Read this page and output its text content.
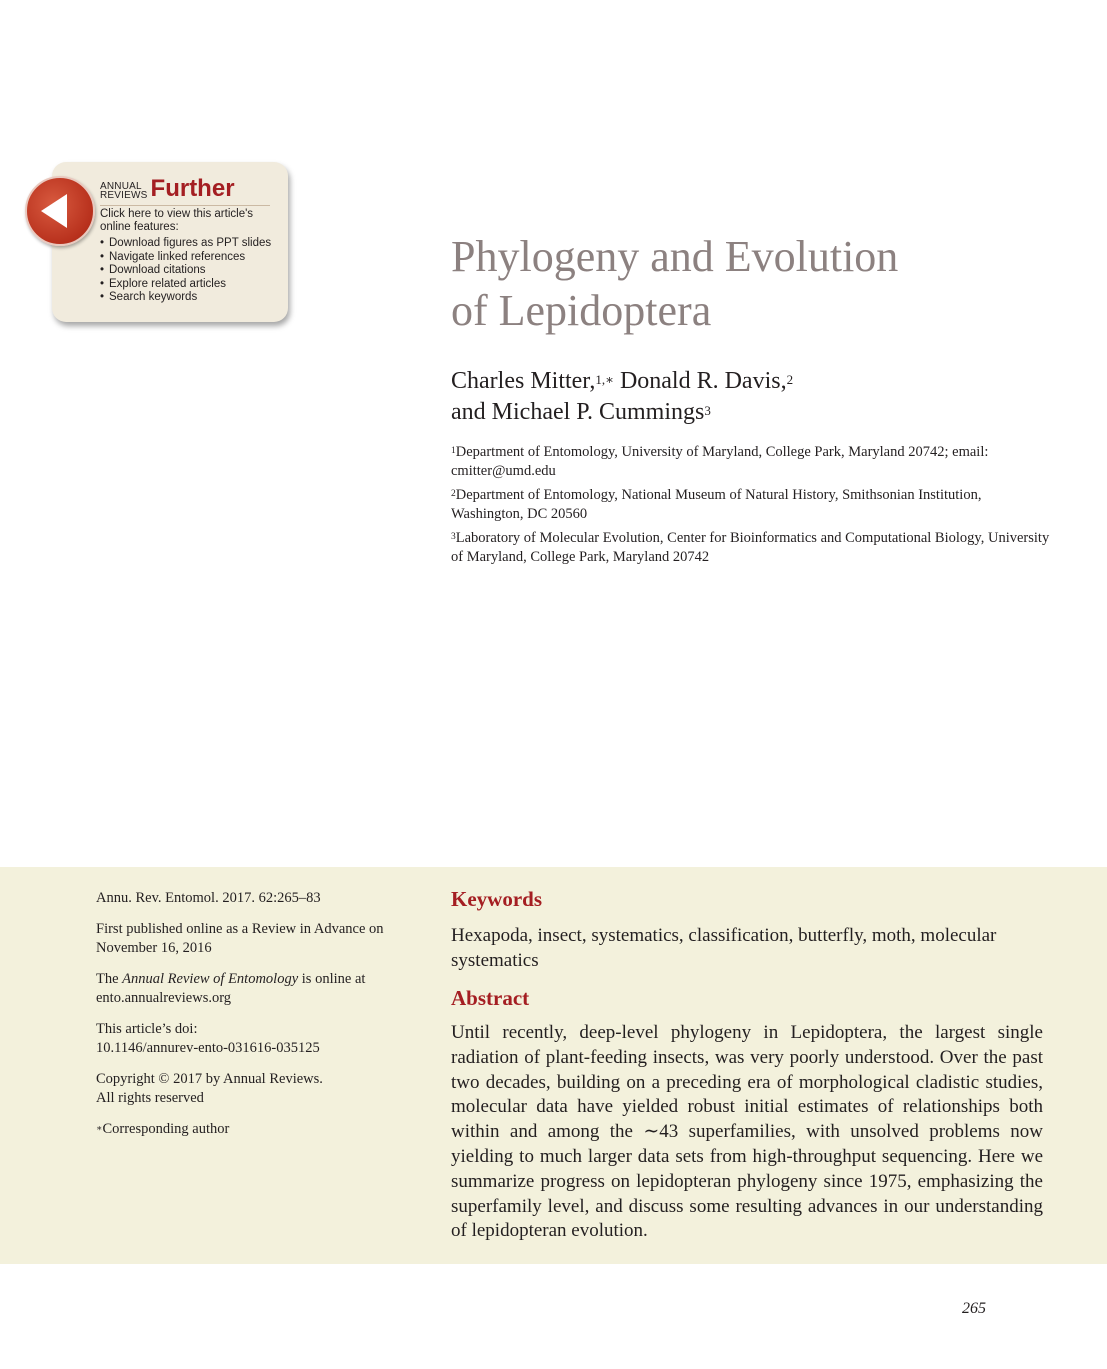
ANNUAL
REVIEWS Further
Click here to view this article's online features:
• Download figures as PPT slides
• Navigate linked references
• Download citations
• Explore related articles
• Search keywords
Phylogeny and Evolution
of Lepidoptera
Charles Mitter,$^{1,∗}$ Donald R. Davis,$^2$
and Michael P. Cummings$^3$

$^1$Department of Entomology, University of Maryland, College Park, Maryland 20742; email: cmitter@umd.edu

$^2$Department of Entomology, National Museum of Natural History, Smithsonian Institution, Washington, DC 20560

$^3$Laboratory of Molecular Evolution, Center for Bioinformatics and Computational Biology, University of Maryland, College Park, Maryland 20742

Annu. Rev. Entomol. 2017. 62:265–83

First published online as a Review in Advance on November 16, 2016

The Annual Review of Entomology is online at ento.annualreviews.org

This article’s doi:
10.1146/annurev-ento-031616-035125

Copyright © 2017 by Annual Reviews.
All rights reserved

∗Corresponding author

Keywords
Hexapoda, insect, systematics, classification, butterfly, moth, molecular systematics
Abstract
Until recently, deep-level phylogeny in Lepidoptera, the largest single radiation of plant-feeding insects, was very poorly understood. Over the past two decades, building on a preceding era of morphological cladistic studies, molecular data have yielded robust initial estimates of relationships both within and among the ∼43 superfamilies, with unsolved problems now yielding to much larger data sets from high-throughput sequencing. Here we summarize progress on lepidopteran phylogeny since 1975, emphasizing the superfamily level, and discuss some resulting advances in our understanding of lepidopteran evolution.
265
